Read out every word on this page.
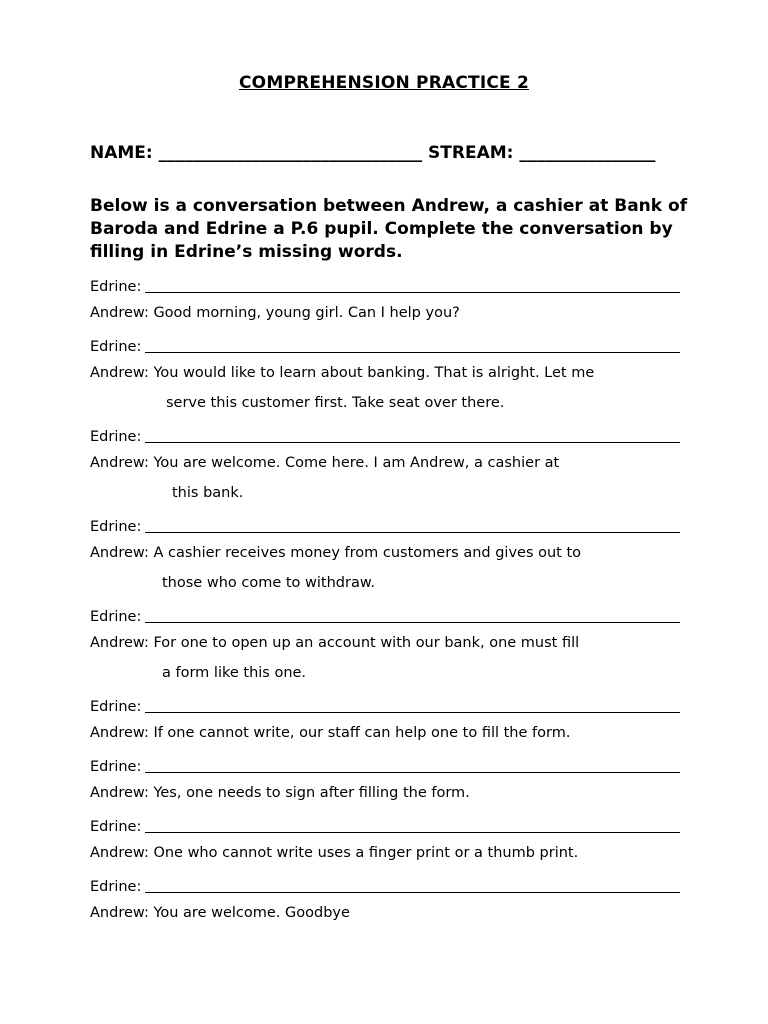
COMPREHENSION PRACTICE 2
NAME: _______________________________ STREAM: ________________
Below is a conversation between Andrew, a cashier at Bank of Baroda and Edrine a P.6 pupil. Complete the conversation by filling in Edrine’s missing words.
Edrine:
Andrew: Good morning, young girl. Can I help you?
Edrine:
Andrew: You would like to learn about banking. That is alright. Let me
serve this customer first. Take seat over there.
Edrine:
Andrew: You are welcome. Come here. I am Andrew, a cashier at
this bank.
Edrine:
Andrew: A cashier receives money from customers and gives out to
those who come to withdraw.
Edrine:
Andrew: For one to open up an account with our bank, one must fill
a form like this one.
Edrine:
Andrew: If one cannot write, our staff can help one to fill the form.
Edrine:
Andrew: Yes, one needs to sign after filling the form.
Edrine:
Andrew: One who cannot write uses a finger print or a thumb print.
Edrine:
Andrew: You are welcome. Goodbye
